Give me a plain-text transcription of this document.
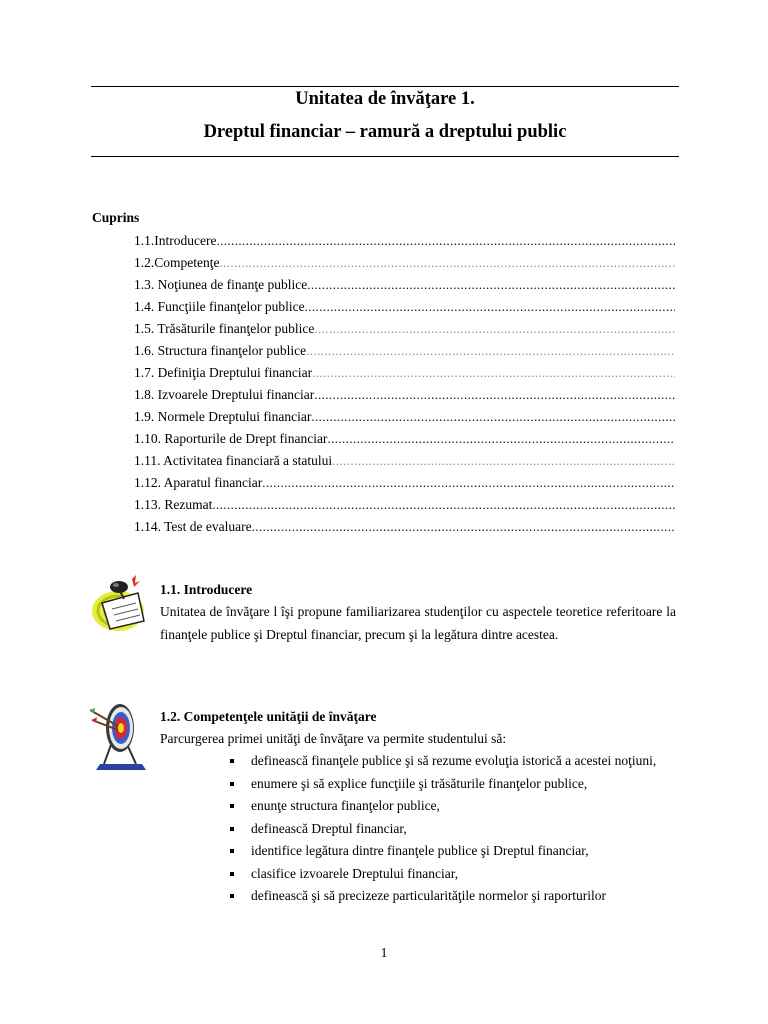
Unitatea de învăţare 1.
Dreptul financiar – ramură a dreptului public
Cuprins
1.1.Introducere
.....
1.2.Competenţe
.....
1.3. Noţiunea de finanţe publice
.....
1.4. Funcţiile finanţelor publice
.....
1.5. Trăsăturile finanţelor publice
.....
1.6. Structura finanţelor publice
.....
1.7. Definiţia Dreptului financiar
.....
1.8. Izvoarele Dreptului financiar
.....
1.9. Normele Dreptului financiar
.....
1.10. Raporturile de Drept financiar
.....
1.11. Activitatea financiară a statului
.....
1.12. Aparatul financiar
.....
1.13. Rezumat
.....
1.14. Test de evaluare
.....
1.1. Introducere
Unitatea de învăţare l îşi propune familiarizarea studenţilor cu aspectele teoretice referitoare la finanţele publice şi Dreptul financiar, precum şi la legătura dintre acestea.
1.2. Competenţele unităţii de învăţare
Parcurgerea primei unităţi de învăţare va permite studentului să:
definească finanţele publice şi să rezume evoluţia istorică a acestei noţiuni,
enumere şi să explice funcţiile şi trăsăturile finanţelor publice,
enunţe structura finanţelor publice,
definească Dreptul financiar,
identifice legătura dintre finanţele publice şi Dreptul financiar,
clasifice izvoarele Dreptului financiar,
definească şi să precizeze particularităţile normelor şi raporturilor
1
